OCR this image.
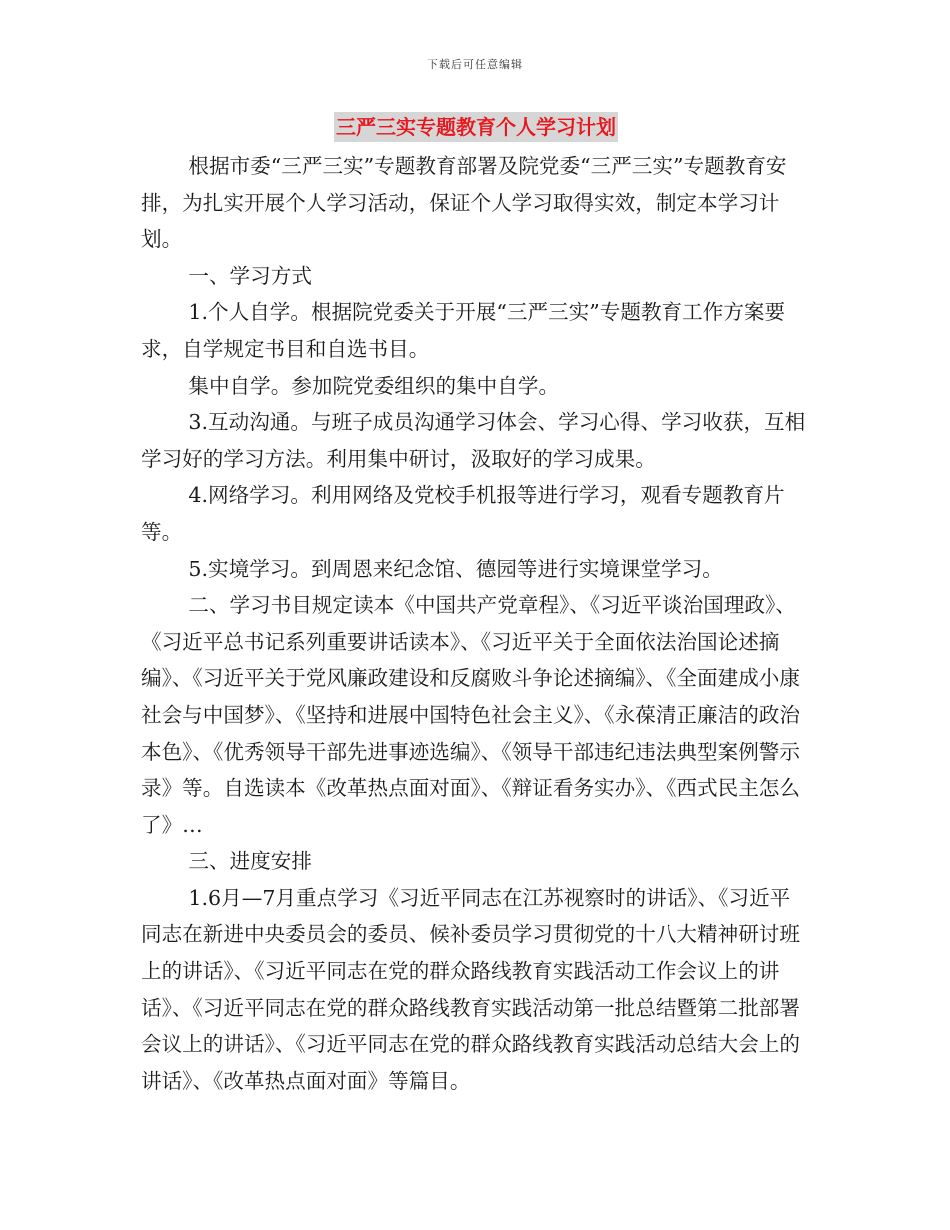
下载后可任意编辑
三严三实专题教育个人学习计划

根据市委“三严三实”专题教育部署及院党委“三严三实”专题教育安排，为扎实开展个人学习活动，保证个人学习取得实效，制定本学习计划。

一、学习方式

1.个人自学。根据院党委关于开展“三严三实”专题教育工作方案要求，自学规定书目和自选书目。

集中自学。参加院党委组织的集中自学。

3.互动沟通。与班子成员沟通学习体会、学习心得、学习收获，互相学习好的学习方法。利用集中研讨，汲取好的学习成果。

4.网络学习。利用网络及党校手机报等进行学习，观看专题教育片等。

5.实境学习。到周恩来纪念馆、德园等进行实境课堂学习。

二、学习书目规定读本《中国共产党章程》、《习近平谈治国理政》、《习近平总书记系列重要讲话读本》、《习近平关于全面依法治国论述摘编》、《习近平关于党风廉政建设和反腐败斗争论述摘编》、《全面建成小康社会与中国梦》、《坚持和进展中国特色社会主义》、《永葆清正廉洁的政治本色》、《优秀领导干部先进事迹选编》、《领导干部违纪违法典型案例警示录》等。自选读本《改革热点面对面》、《辩证看务实办》、《西式民主怎么了》…

三、进度安排

1.6月—7月重点学习《习近平同志在江苏视察时的讲话》、《习近平同志在新进中央委员会的委员、候补委员学习贯彻党的十八大精神研讨班上的讲话》、《习近平同志在党的群众路线教育实践活动工作会议上的讲话》、《习近平同志在党的群众路线教育实践活动第一批总结暨第二批部署会议上的讲话》、《习近平同志在党的群众路线教育实践活动总结大会上的讲话》、《改革热点面对面》等篇目。
